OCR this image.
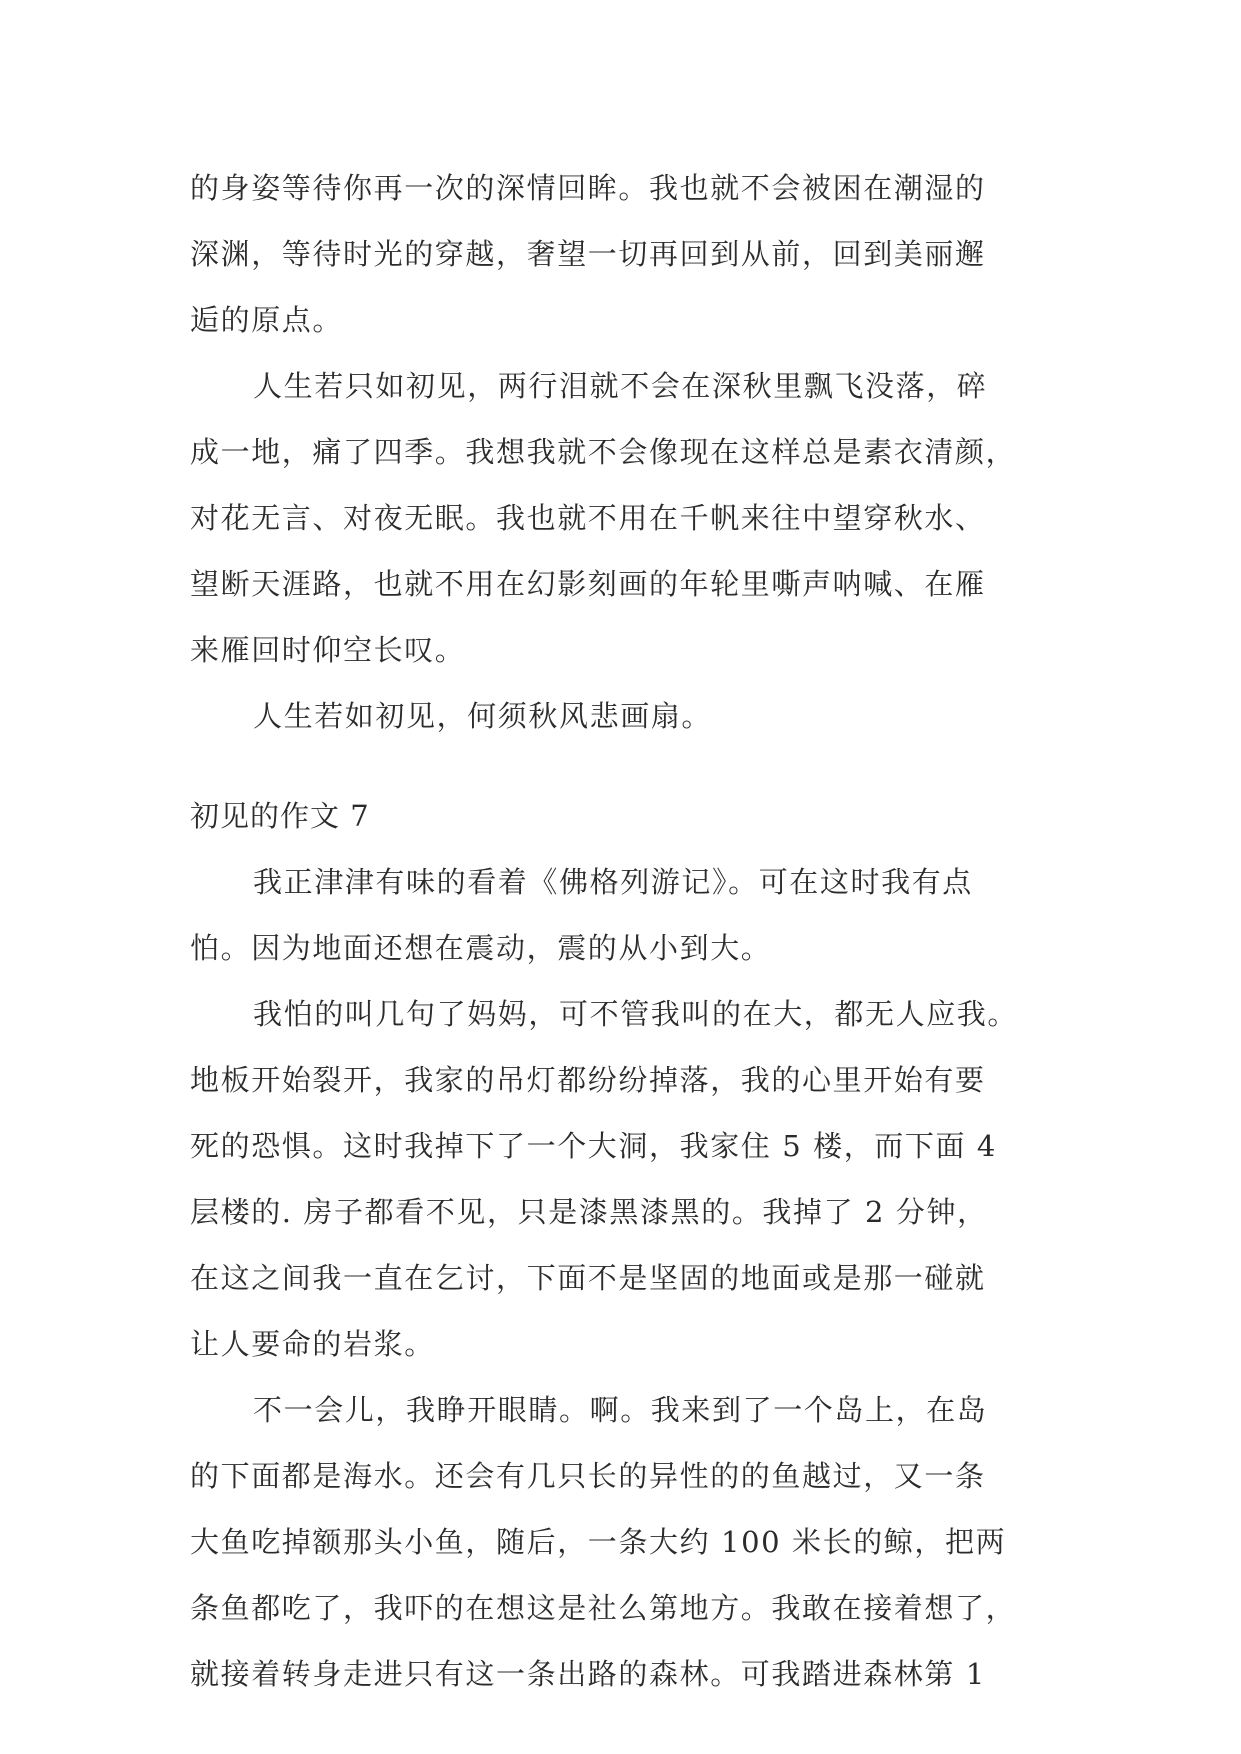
的身姿等待你再一次的深情回眸。我也就不会被困在潮湿的
深渊，等待时光的穿越，奢望一切再回到从前，回到美丽邂
逅的原点。
人生若只如初见，两行泪就不会在深秋里飘飞没落，碎
成一地，痛了四季。我想我就不会像现在这样总是素衣清颜，
对花无言、对夜无眠。我也就不用在千帆来往中望穿秋水、
望断天涯路，也就不用在幻影刻画的年轮里嘶声呐喊、在雁
来雁回时仰空长叹。
人生若如初见，何须秋风悲画扇。
初见的作文 7
我正津津有味的看着《佛格列游记》。可在这时我有点
怕。因为地面还想在震动，震的从小到大。
我怕的叫几句了妈妈，可不管我叫的在大，都无人应我。
地板开始裂开，我家的吊灯都纷纷掉落，我的心里开始有要
死的恐惧。这时我掉下了一个大洞，我家住 5 楼，而下面 4
层楼的. 房子都看不见，只是漆黑漆黑的。我掉了 2 分钟，
在这之间我一直在乞讨，下面不是坚固的地面或是那一碰就
让人要命的岩浆。
不一会儿，我睁开眼睛。啊。我来到了一个岛上，在岛
的下面都是海水。还会有几只长的异性的的鱼越过，又一条
大鱼吃掉额那头小鱼，随后，一条大约 100 米长的鲸，把两
条鱼都吃了，我吓的在想这是社么第地方。我敢在接着想了，
就接着转身走进只有这一条出路的森林。可我踏进森林第 1
